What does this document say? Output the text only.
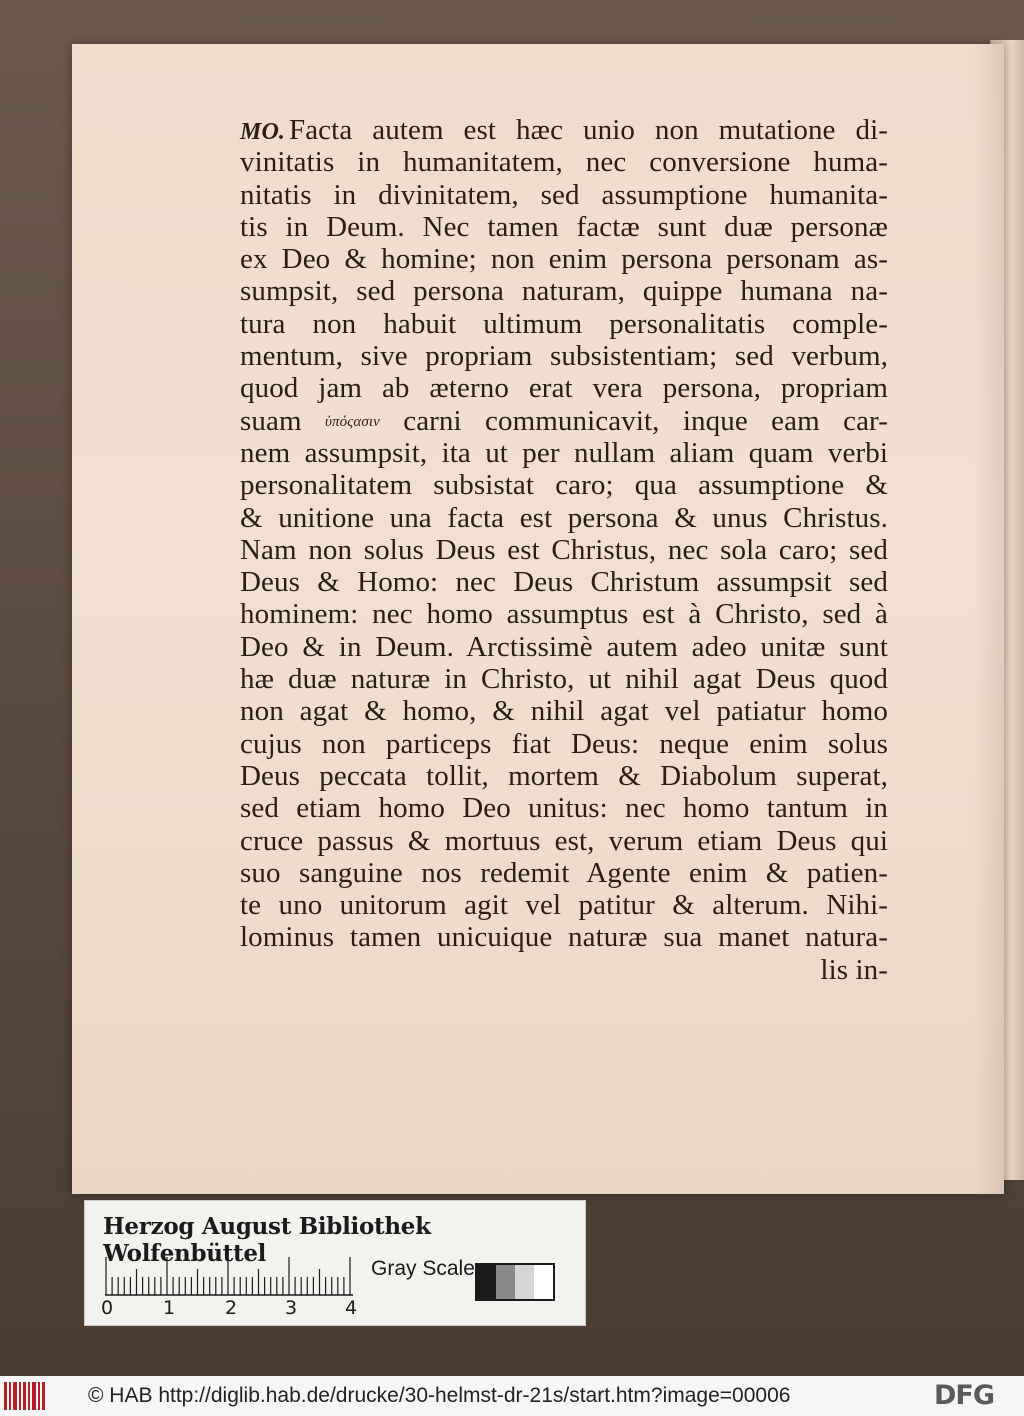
MO. Facta autem est hæc unio non mutatione di-
vinitatis in humanitatem, nec conversione huma-
nitatis in divinitatem, sed assumptione humanita-
tis in Deum. Nec tamen factæ sunt duæ personæ
ex Deo & homine; non enim persona personam as-
sumpsit, sed persona naturam, quippe humana na-
tura non habuit ultimum personalitatis comple-
mentum, sive propriam subsistentiam; sed verbum,
quod jam ab æterno erat vera persona, propriam
suam ὑπόςασιν carni communicavit, inque eam car-
nem assumpsit, ita ut per nullam aliam quam verbi
personalitatem subsistat caro; qua assumptione &
& unitione una facta est persona & unus Christus.
Nam non solus Deus est Christus, nec sola caro; sed
Deus & Homo: nec Deus Christum assumpsit sed
hominem: nec homo assumptus est à Christo, sed à
Deo & in Deum. Arctissimè autem adeo unitæ sunt
hæ duæ naturæ in Christo, ut nihil agat Deus quod
non agat & homo, & nihil agat vel patiatur homo
cujus non particeps fiat Deus: neque enim solus
Deus peccata tollit, mortem & Diabolum superat,
sed etiam homo Deo unitus: nec homo tantum in
cruce passus & mortuus est, verum etiam Deus qui
suo sanguine nos redemit Agente enim & patien-
te uno unitorum agit vel patitur & alterum. Nihi-
lominus tamen unicuique naturæ sua manet natura-
lis in-
Herzog August Bibliothek Wolfenbüttel
0	1	2	3	4
Gray Scale
© HAB http://diglib.hab.de/drucke/30-helmst-dr-21s/start.htm?image=00006	DFG
